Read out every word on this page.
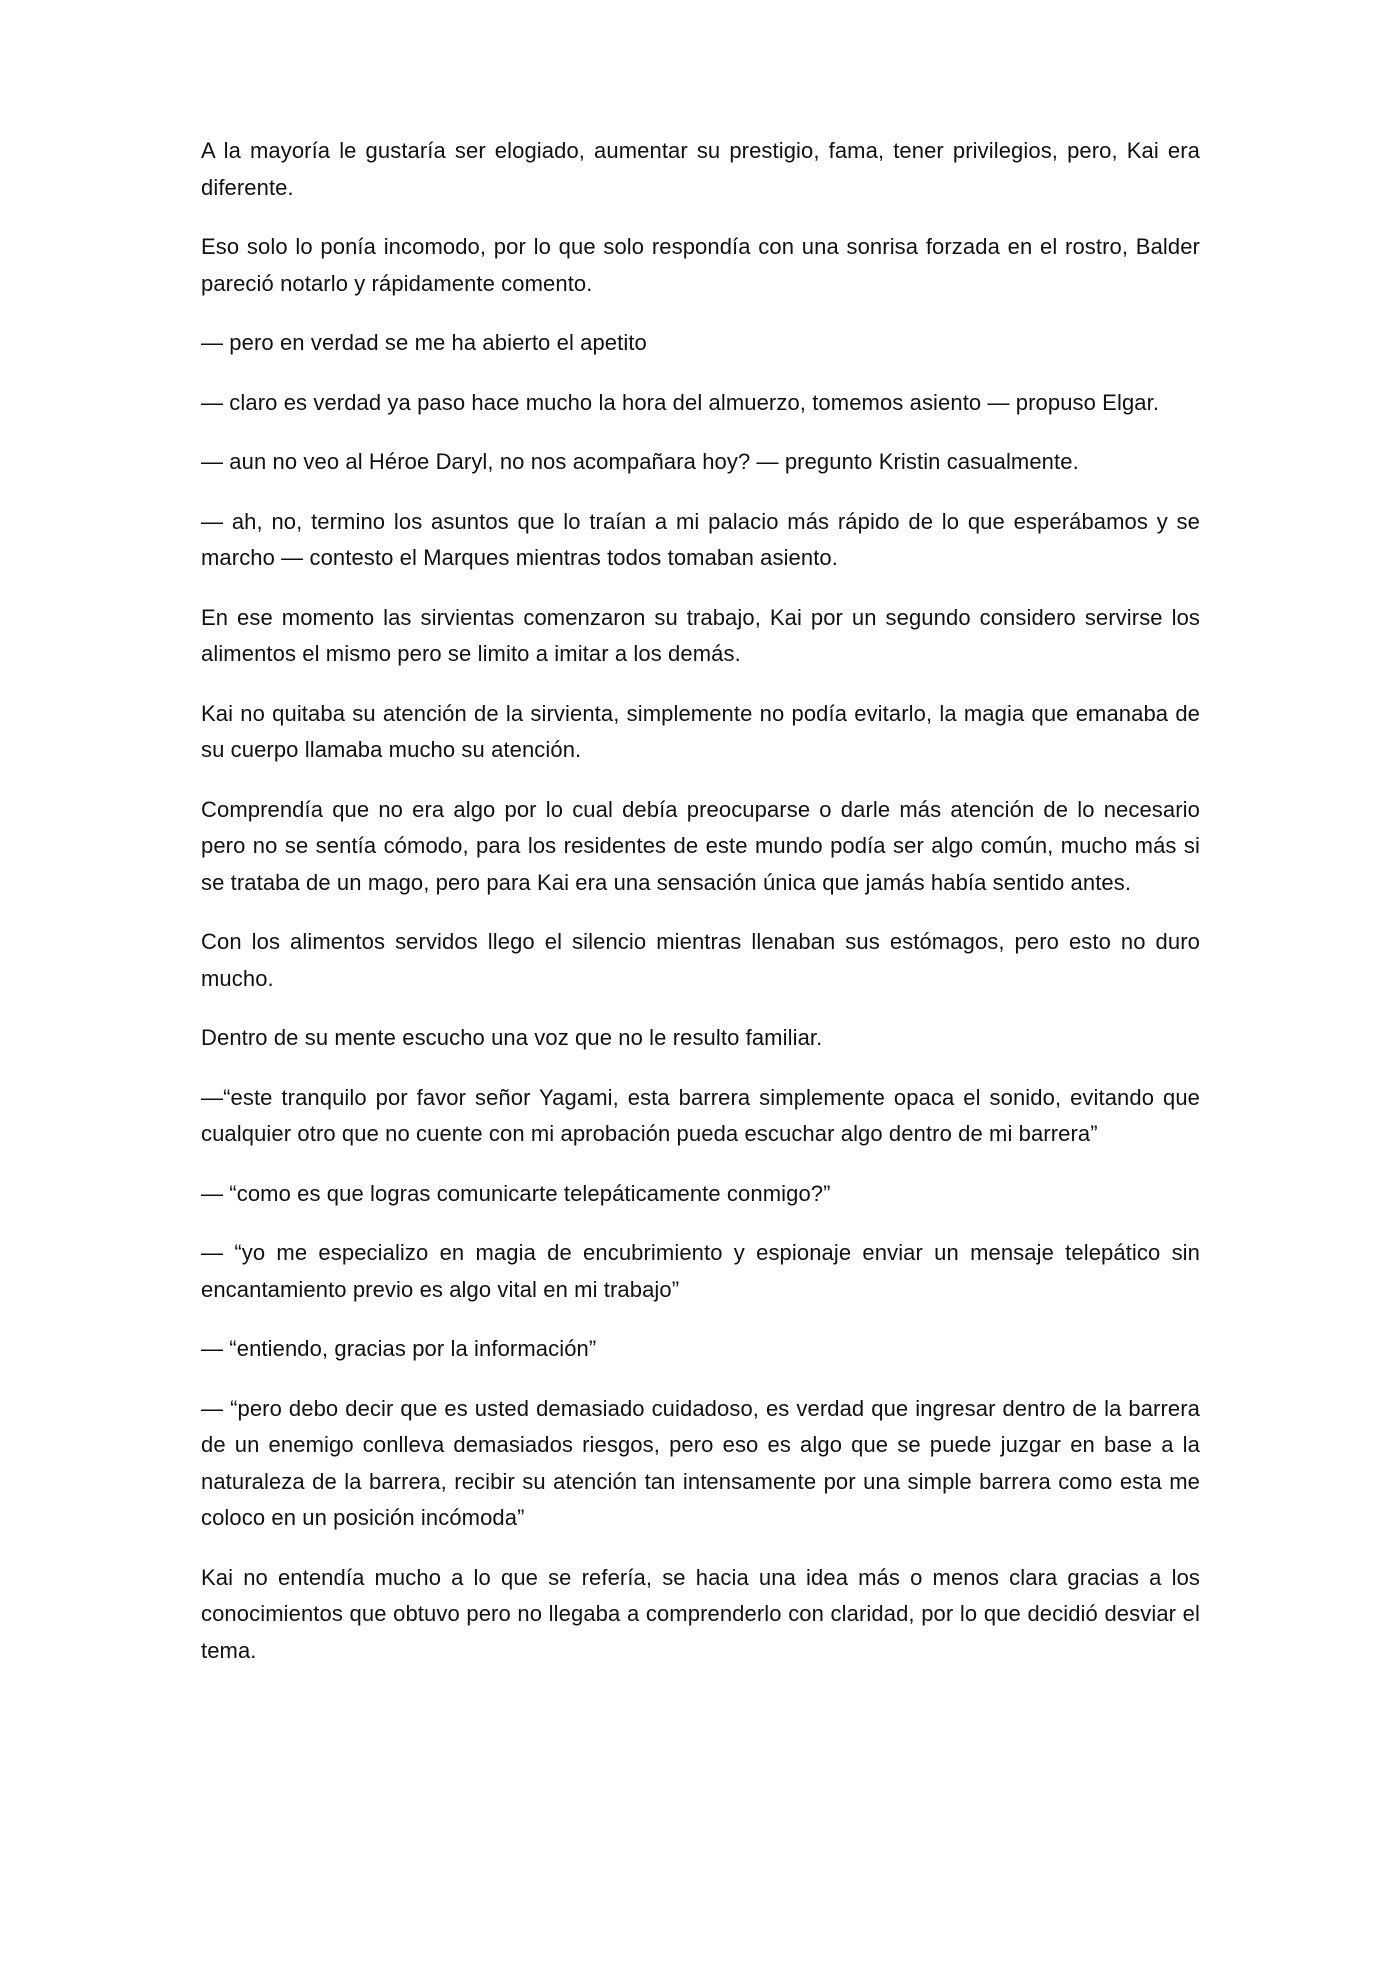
A la mayoría le gustaría ser elogiado, aumentar su prestigio, fama, tener privilegios, pero, Kai era diferente.

Eso solo lo ponía incomodo, por lo que solo respondía con una sonrisa forzada en el rostro, Balder pareció notarlo y rápidamente comento.

— pero en verdad se me ha abierto el apetito

— claro es verdad ya paso hace mucho la hora del almuerzo, tomemos asiento — propuso Elgar.

— aun no veo al Héroe Daryl, no nos acompañara hoy? — pregunto Kristin casualmente.

— ah, no, termino los asuntos que lo traían a mi palacio más rápido de lo que esperábamos y se marcho — contesto el Marques mientras todos tomaban asiento.

En ese momento las sirvientas comenzaron su trabajo, Kai por un segundo considero servirse los alimentos el mismo pero se limito a imitar a los demás.

Kai no quitaba su atención de la sirvienta, simplemente no podía evitarlo, la magia que emanaba de su cuerpo llamaba mucho su atención.

Comprendía que no era algo por lo cual debía preocuparse o darle más atención de lo necesario pero no se sentía cómodo, para los residentes de este mundo podía ser algo común, mucho más si se trataba de un mago, pero para Kai era una sensación única que jamás había sentido antes.

Con los alimentos servidos llego el silencio mientras llenaban sus estómagos, pero esto no duro mucho.

Dentro de su mente escucho una voz que no le resulto familiar.

—“este tranquilo por favor señor Yagami, esta barrera simplemente opaca el sonido, evitando que cualquier otro que no cuente con mi aprobación pueda escuchar algo dentro de mi barrera”

— “como es que logras comunicarte telepáticamente conmigo?”

— “yo me especializo en magia de encubrimiento y espionaje enviar un mensaje telepático sin encantamiento previo es algo vital en mi trabajo”

— “entiendo, gracias por la información”

— “pero debo decir que es usted demasiado cuidadoso, es verdad que ingresar dentro de la barrera de un enemigo conlleva demasiados riesgos, pero eso es algo que se puede juzgar en base a la naturaleza de la barrera, recibir su atención tan intensamente por una simple barrera como esta me coloco en un posición incómoda”

Kai no entendía mucho a lo que se refería, se hacia una idea más o menos clara gracias a los conocimientos que obtuvo pero no llegaba a comprenderlo con claridad, por lo que decidió desviar el tema.
